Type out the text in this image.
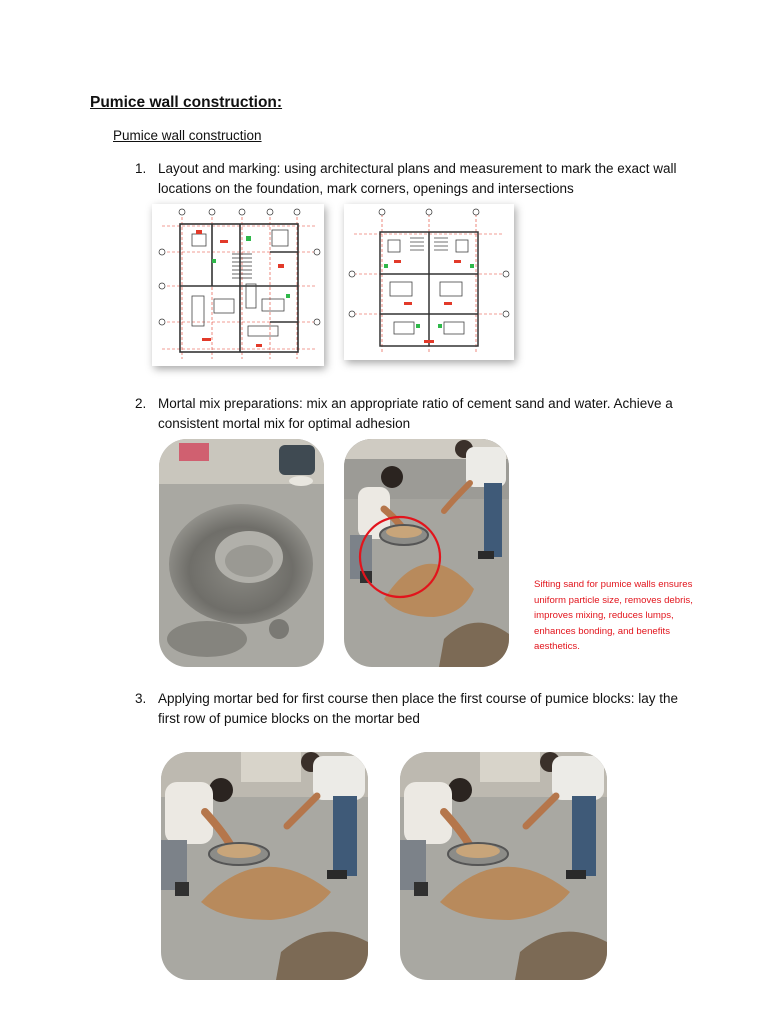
Pumice wall construction:
Pumice wall construction
1. Layout and marking: using architectural plans and measurement to mark the exact wall locations on the foundation, mark corners, openings and intersections
2. Mortal mix preparations: mix an appropriate ratio of cement sand and water. Achieve a consistent mortal mix for optimal adhesion
Sifting sand for pumice walls ensures uniform particle size, removes debris, improves mixing, reduces lumps, enhances bonding, and benefits aesthetics.
3. Applying mortar bed for first course then place the first course of pumice blocks: lay the first row of pumice blocks on the mortar bed
